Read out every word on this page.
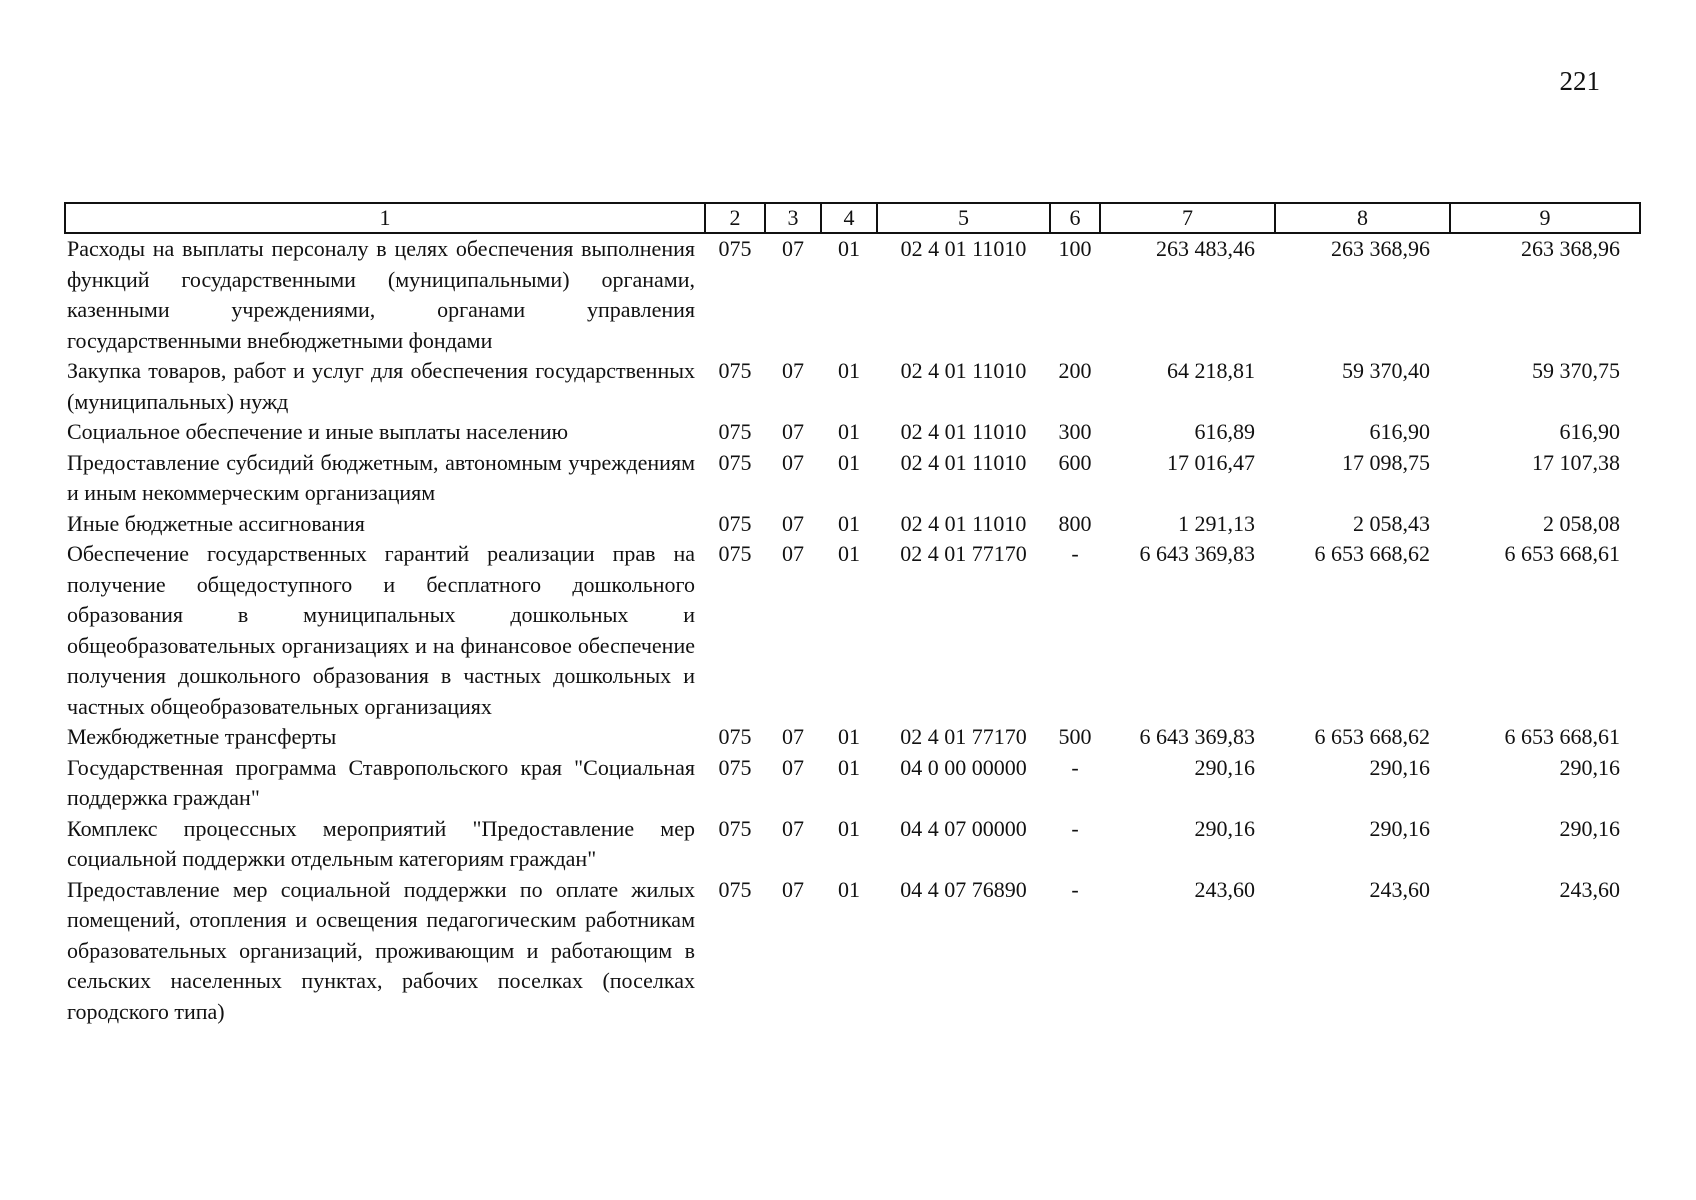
221
1	2	3	4	5	6	7	8	9
Расходы на выплаты персоналу в целях обеспечения выполнения функций государственными (муниципальными) органами, казенными учреждениями, органами управления государственными внебюджетными фондами	075	07	01	02 4 01 11010	100	263 483,46	263 368,96	263 368,96
Закупка товаров, работ и услуг для обеспечения государственных (муниципальных) нужд	075	07	01	02 4 01 11010	200	64 218,81	59 370,40	59 370,75
Социальное обеспечение и иные выплаты населению	075	07	01	02 4 01 11010	300	616,89	616,90	616,90
Предоставление субсидий бюджетным, автономным учреждениям и иным некоммерческим организациям	075	07	01	02 4 01 11010	600	17 016,47	17 098,75	17 107,38
Иные бюджетные ассигнования	075	07	01	02 4 01 11010	800	1 291,13	2 058,43	2 058,08
Обеспечение государственных гарантий реализации прав на получение общедоступного и бесплатного дошкольного образования в муниципальных дошкольных и общеобразовательных организациях и на финансовое обеспечение получения дошкольного образования в частных дошкольных и частных общеобразовательных организациях	075	07	01	02 4 01 77170	-	6 643 369,83	6 653 668,62	6 653 668,61
Межбюджетные трансферты	075	07	01	02 4 01 77170	500	6 643 369,83	6 653 668,62	6 653 668,61
Государственная программа Ставропольского края "Социальная поддержка граждан"	075	07	01	04 0 00 00000	-	290,16	290,16	290,16
Комплекс процессных мероприятий "Предоставление мер социальной поддержки отдельным категориям граждан"	075	07	01	04 4 07 00000	-	290,16	290,16	290,16
Предоставление мер социальной поддержки по оплате жилых помещений, отопления и освещения педагогическим работникам образовательных организаций, проживающим и работающим в сельских населенных пунктах, рабочих поселках (поселках городского типа)	075	07	01	04 4 07 76890	-	243,60	243,60	243,60
